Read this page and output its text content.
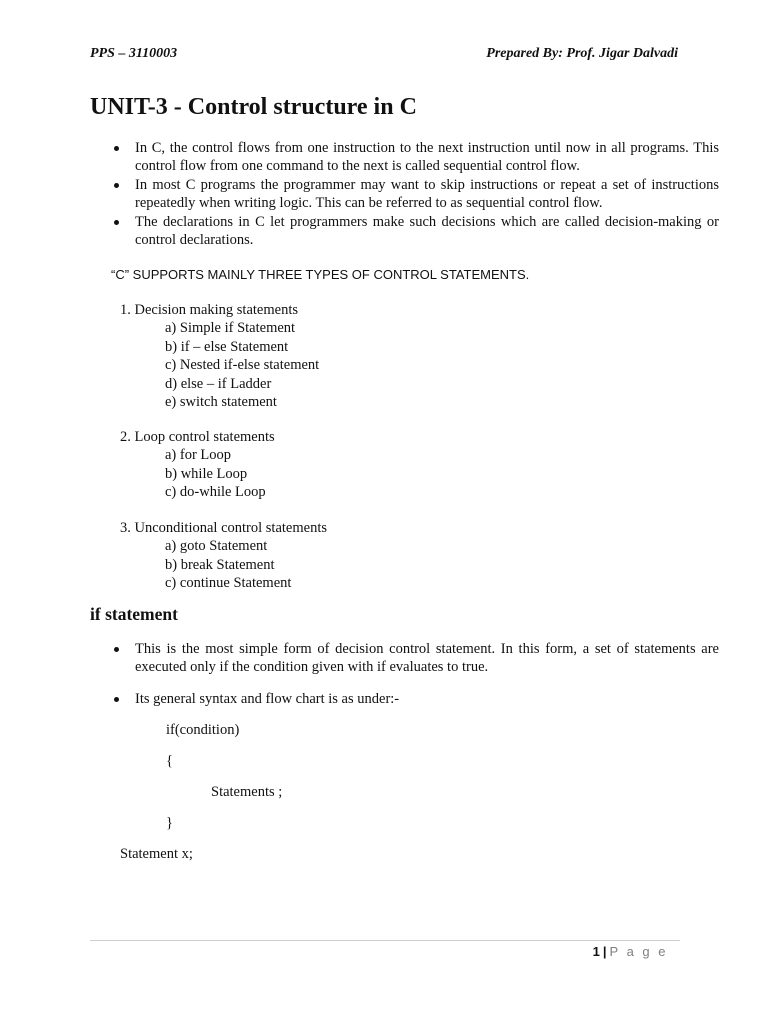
PPS – 3110003	Prepared By: Prof. Jigar Dalvadi
UNIT-3 - Control structure in C
In C, the control flows from one instruction to the next instruction until now in all programs. This control flow from one command to the next is called sequential control flow.
In most C programs the programmer may want to skip instructions or repeat a set of instructions repeatedly when writing logic. This can be referred to as sequential control flow.
The declarations in C let programmers make such decisions which are called decision-making or control declarations.
“C” SUPPORTS MAINLY THREE TYPES OF CONTROL STATEMENTS.
1. Decision making statements
a) Simple if Statement
b) if – else Statement
c) Nested if-else statement
d) else – if Ladder
e) switch statement
2. Loop control statements
a) for Loop
b) while Loop
c) do-while Loop
3. Unconditional control statements
a) goto Statement
b) break Statement
c) continue Statement
if statement
This is the most simple form of decision control statement. In this form, a set of statements are executed only if the condition given with if evaluates to true.
Its general syntax and flow chart is as under:-
if(condition)
{
Statements ;
}
Statement x;
1 | P a g e
